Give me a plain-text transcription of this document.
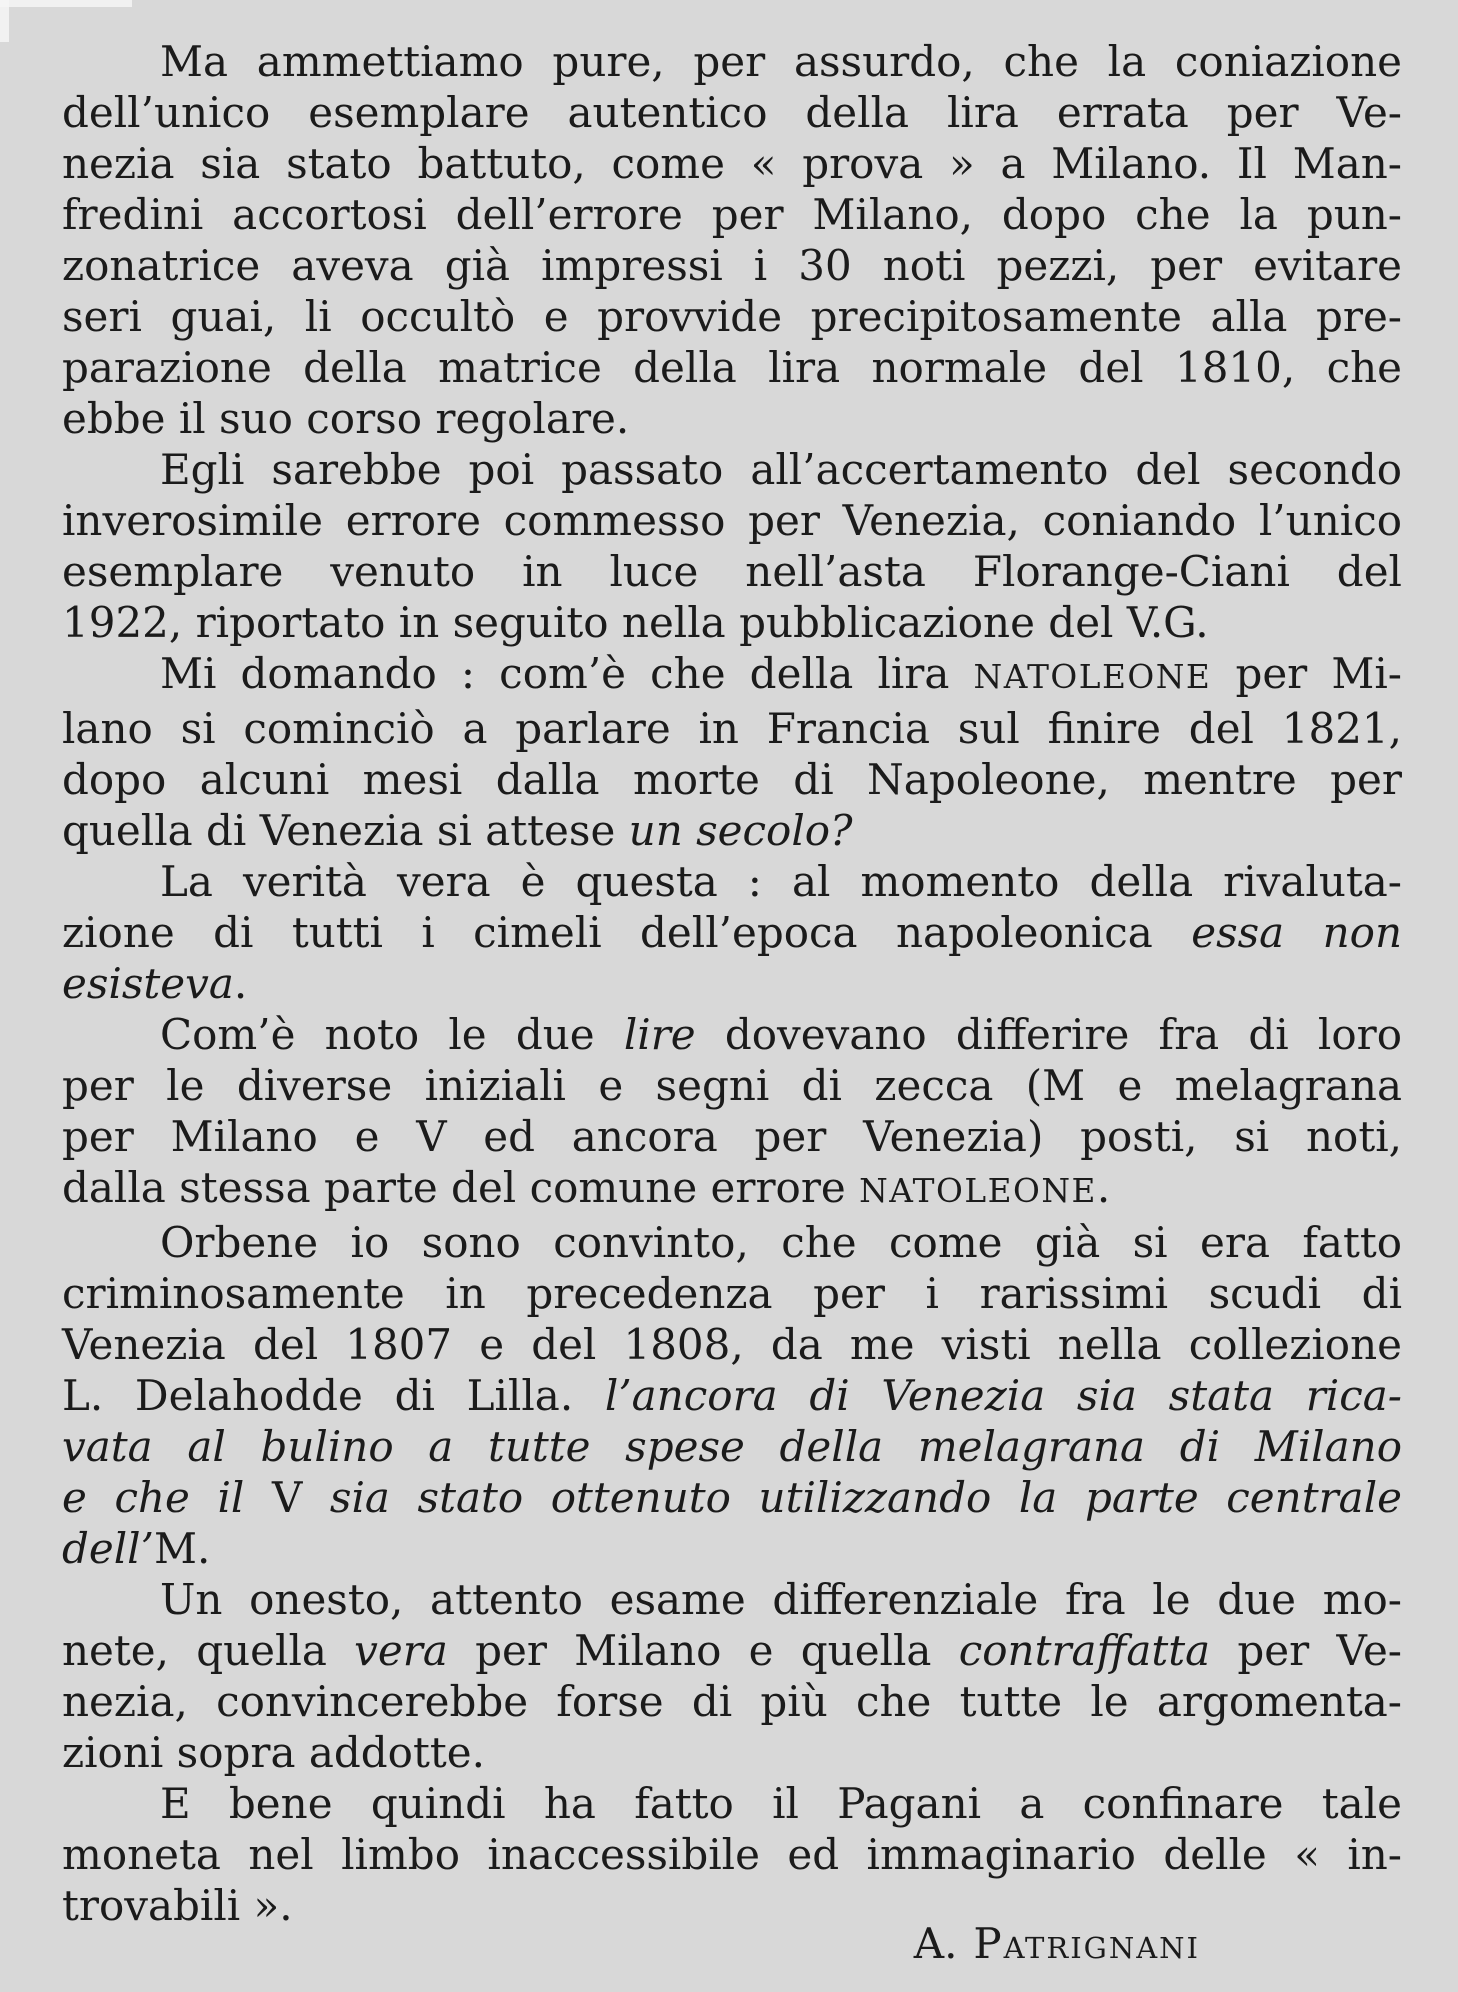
Ma ammettiamo pure, per assurdo, che la coniazione
dell’unico esemplare autentico della lira errata per Ve-
nezia sia stato battuto, come « prova » a Milano. Il Man-
fredini accortosi dell’errore per Milano, dopo che la pun-
zonatrice aveva già impressi i 30 noti pezzi, per evitare
seri guai, li occultò e provvide precipitosamente alla pre-
parazione della matrice della lira normale del 1810, che
ebbe il suo corso regolare.
Egli sarebbe poi passato all’accertamento del secondo
inverosimile errore commesso per Venezia, coniando l’unico
esemplare venuto in luce nell’asta Florange-Ciani del
1922, riportato in seguito nella pubblicazione del V.G.
Mi domando : com’è che della lira NATOLEONE per Mi-
lano si cominciò a parlare in Francia sul finire del 1821,
dopo alcuni mesi dalla morte di Napoleone, mentre per
quella di Venezia si attese un secolo?
La verità vera è questa : al momento della rivaluta-
zione di tutti i cimeli dell’epoca napoleonica essa non
esisteva.
Com’è noto le due lire dovevano differire fra di loro
per le diverse iniziali e segni di zecca (M e melagrana
per Milano e V ed ancora per Venezia) posti, si noti,
dalla stessa parte del comune errore NATOLEONE.
Orbene io sono convinto, che come già si era fatto
criminosamente in precedenza per i rarissimi scudi di
Venezia del 1807 e del 1808, da me visti nella collezione
L. Delahodde di Lilla. l’ancora di Venezia sia stata rica-
vata al bulino a tutte spese della melagrana di Milano
e che il V sia stato ottenuto utilizzando la parte centrale
dell’M.
Un onesto, attento esame differenziale fra le due mo-
nete, quella vera per Milano e quella contraffatta per Ve-
nezia, convincerebbe forse di più che tutte le argomenta-
zioni sopra addotte.
E bene quindi ha fatto il Pagani a confinare tale
moneta nel limbo inaccessibile ed immaginario delle « in-
trovabili ».
A. Patrignani
